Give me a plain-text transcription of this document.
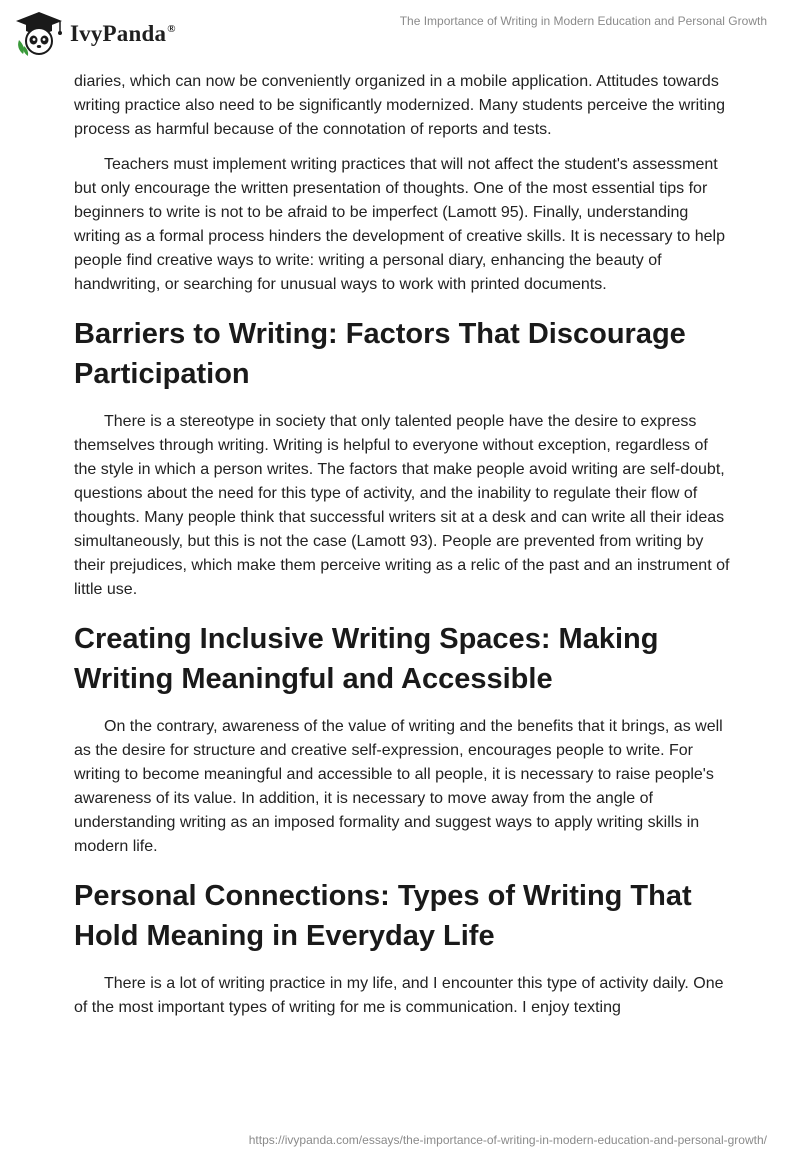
IvyPanda®
The Importance of Writing in Modern Education and Personal Growth

diaries, which can now be conveniently organized in a mobile application. Attitudes towards writing practice also need to be significantly modernized. Many students perceive the writing process as harmful because of the connotation of reports and tests.

Teachers must implement writing practices that will not affect the student's assessment but only encourage the written presentation of thoughts. One of the most essential tips for beginners to write is not to be afraid to be imperfect (Lamott 95). Finally, understanding writing as a formal process hinders the development of creative skills. It is necessary to help people find creative ways to write: writing a personal diary, enhancing the beauty of handwriting, or searching for unusual ways to work with printed documents.

Barriers to Writing: Factors That Discourage Participation

There is a stereotype in society that only talented people have the desire to express themselves through writing. Writing is helpful to everyone without exception, regardless of the style in which a person writes. The factors that make people avoid writing are self-doubt, questions about the need for this type of activity, and the inability to regulate their flow of thoughts. Many people think that successful writers sit at a desk and can write all their ideas simultaneously, but this is not the case (Lamott 93). People are prevented from writing by their prejudices, which make them perceive writing as a relic of the past and an instrument of little use.

Creating Inclusive Writing Spaces: Making Writing Meaningful and Accessible

On the contrary, awareness of the value of writing and the benefits that it brings, as well as the desire for structure and creative self-expression, encourages people to write. For writing to become meaningful and accessible to all people, it is necessary to raise people's awareness of its value. In addition, it is necessary to move away from the angle of understanding writing as an imposed formality and suggest ways to apply writing skills in modern life.

Personal Connections: Types of Writing That Hold Meaning in Everyday Life

There is a lot of writing practice in my life, and I encounter this type of activity daily. One of the most important types of writing for me is communication. I enjoy texting

https://ivypanda.com/essays/the-importance-of-writing-in-modern-education-and-personal-growth/
